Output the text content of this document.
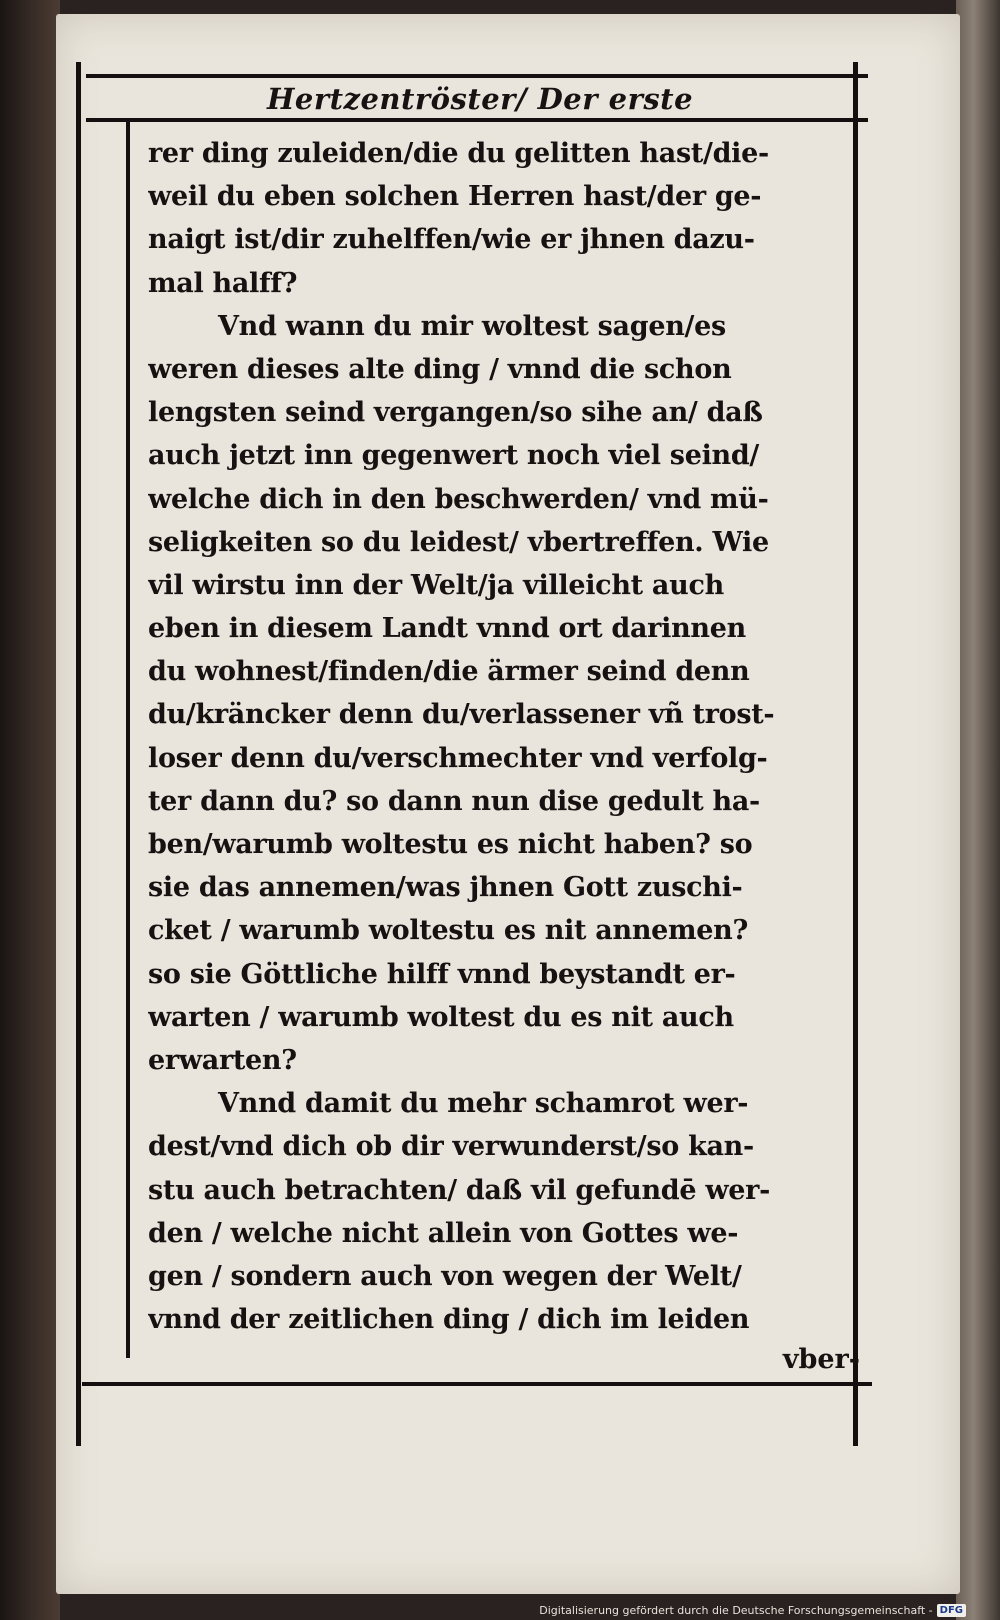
Hertzentröster/ Der erste
rer ding zuleiden/die du gelitten hast/die-
weil du eben solchen Herren hast/der ge-
naigt ist/dir zuhelffen/wie er jhnen dazu-
mal halff?
Vnd wann du mir woltest sagen/es
weren dieses alte ding / vnnd die schon
lengsten seind vergangen/so sihe an/ daß
auch jetzt inn gegenwert noch viel seind/
welche dich in den beschwerden/ vnd mü-
seligkeiten so du leidest/ vbertreffen. Wie
vil wirstu inn der Welt/ja villeicht auch
eben in diesem Landt vnnd ort darinnen
du wohnest/finden/die ärmer seind denn
du/kräncker denn du/verlassener vñ trost-
loser denn du/verschmechter vnd verfolg-
ter dann du? so dann nun dise gedult ha-
ben/warumb woltestu es nicht haben? so
sie das annemen/was jhnen Gott zuschi-
cket / warumb woltestu es nit annemen?
so sie Göttliche hilff vnnd beystandt er-
warten / warumb woltest du es nit auch
erwarten?
Vnnd damit du mehr schamrot wer-
dest/vnd dich ob dir verwunderst/so kan-
stu auch betrachten/ daß vil gefundē wer-
den / welche nicht allein von Gottes we-
gen / sondern auch von wegen der Welt/
vnnd der zeitlichen ding / dich im leiden
vber-
Digitalisierung gefördert durch die Deutsche Forschungsgemeinschaft - DFG
